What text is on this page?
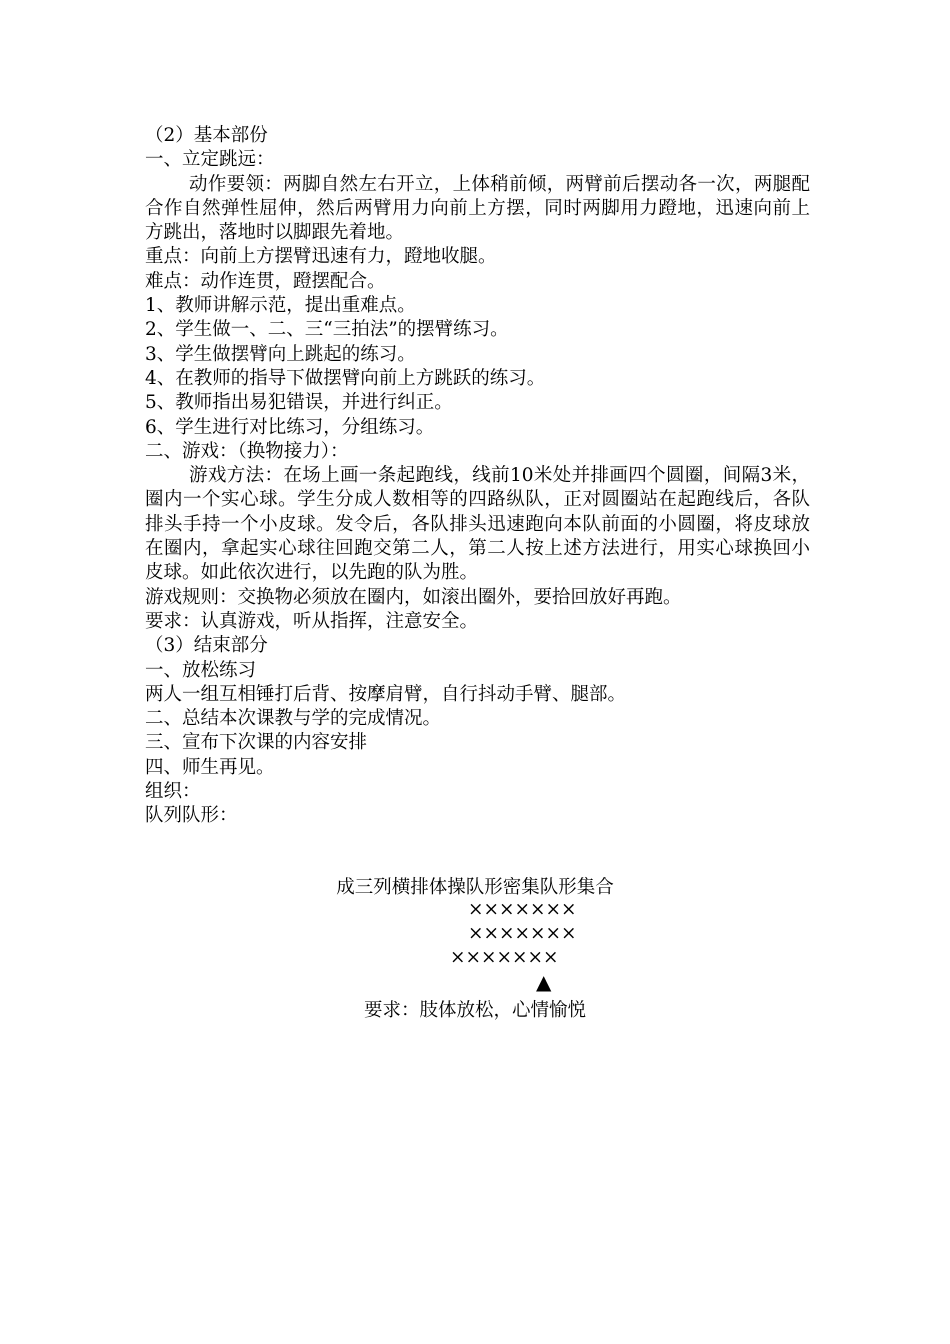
（2）基本部份
一、立定跳远：
动作要领：两脚自然左右开立，上体稍前倾，两臂前后摆动各一次，两腿配合作自然弹性屈伸，然后两臂用力向前上方摆，同时两脚用力蹬地，迅速向前上方跳出，落地时以脚跟先着地。
重点：向前上方摆臂迅速有力，蹬地收腿。
难点：动作连贯，蹬摆配合。
1、教师讲解示范，提出重难点。
2、学生做一、二、三“三拍法”的摆臂练习。
3、学生做摆臂向上跳起的练习。
4、在教师的指导下做摆臂向前上方跳跃的练习。
5、教师指出易犯错误，并进行纠正。
6、学生进行对比练习，分组练习。
二、游戏：（换物接力）：
游戏方法：在场上画一条起跑线，线前10米处并排画四个圆圈，间隔3米，圈内一个实心球。学生分成人数相等的四路纵队，正对圆圈站在起跑线后，各队排头手持一个小皮球。发令后，各队排头迅速跑向本队前面的小圆圈，将皮球放在圈内，拿起实心球往回跑交第二人，第二人按上述方法进行，用实心球换回小皮球。如此依次进行，以先跑的队为胜。
游戏规则：交换物必须放在圈内，如滚出圈外，要拾回放好再跑。
要求：认真游戏，听从指挥，注意安全。
（3）结束部分
一、放松练习
两人一组互相锤打后背、按摩肩臂，自行抖动手臂、腿部。
二、总结本次课教与学的完成情况。
三、宣布下次课的内容安排
四、师生再见。
组织：
队列队形：
成三列横排体操队形密集队形集合
×××××××
×××××××
×××××××
▲
要求：肢体放松，心情愉悦
